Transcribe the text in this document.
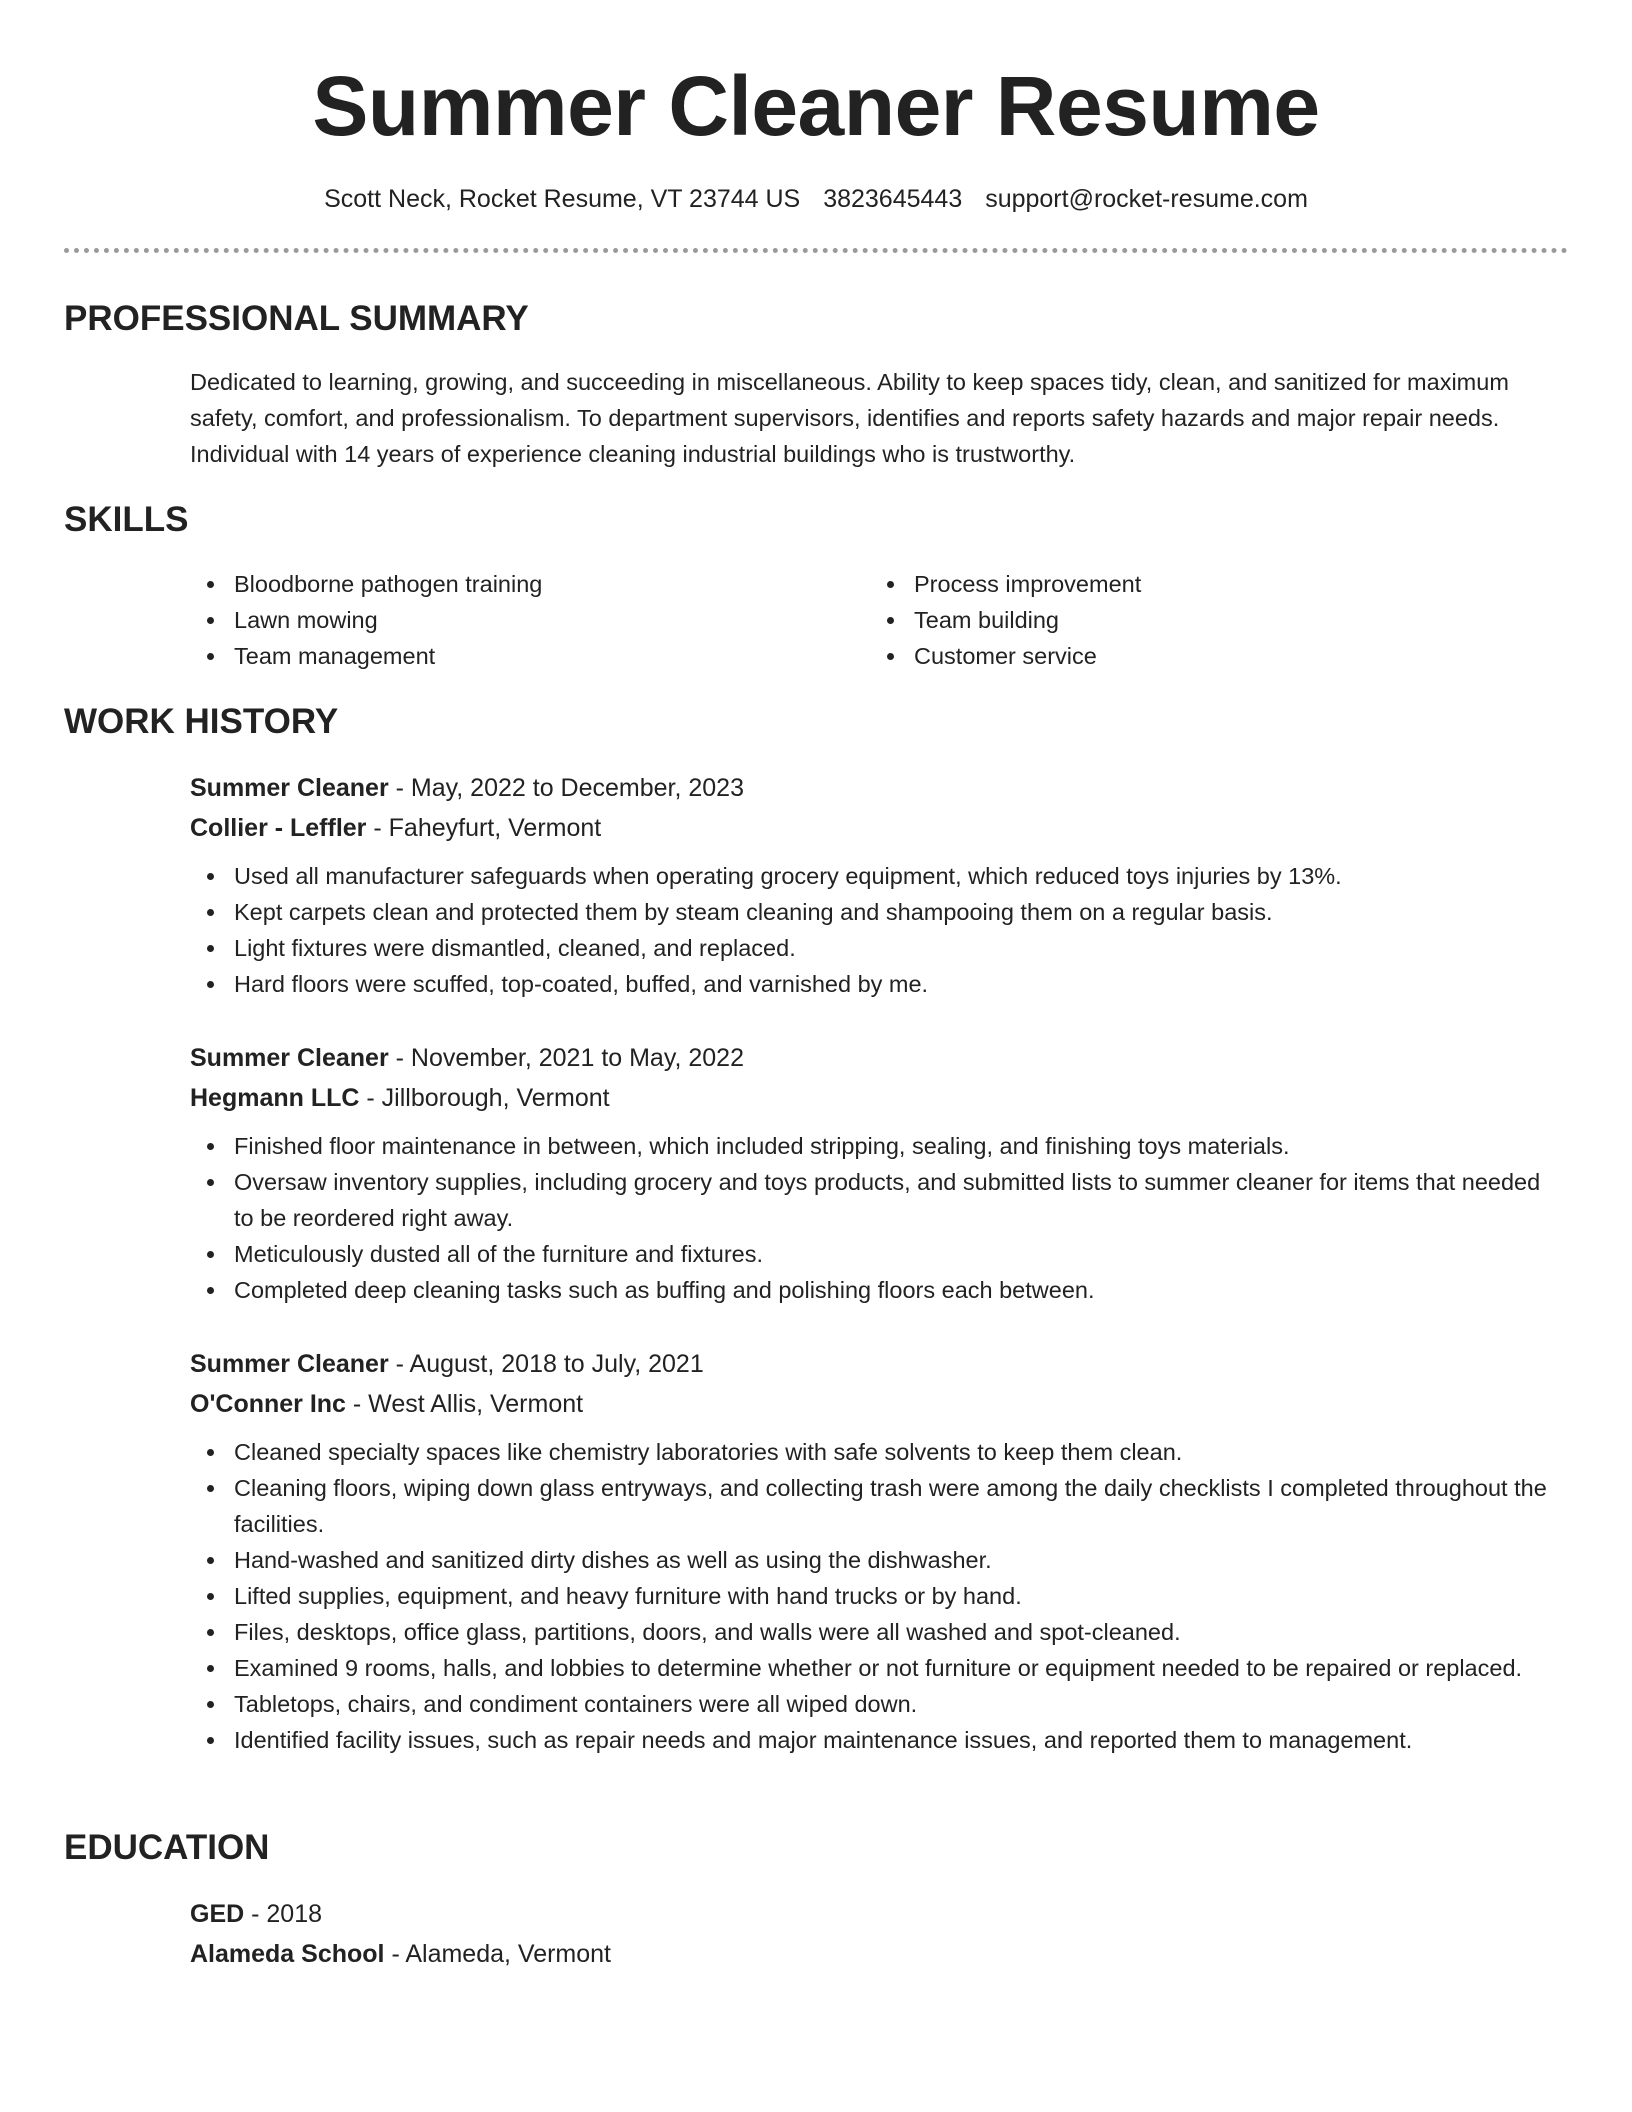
Summer Cleaner Resume
Scott Neck, Rocket Resume, VT 23744 US 3823645443 support@rocket-resume.com
PROFESSIONAL SUMMARY

Dedicated to learning, growing, and succeeding in miscellaneous. Ability to keep spaces tidy, clean, and sanitized for maximum safety, comfort, and professionalism. To department supervisors, identifies and reports safety hazards and major repair needs. Individual with 14 years of experience cleaning industrial buildings who is trustworthy.

SKILLS
Bloodborne pathogen training
Lawn mowing
Team management
Process improvement
Team building
Customer service
WORK HISTORY

Summer Cleaner - May, 2022 to December, 2023

Collier - Leffler - Faheyfurt, Vermont

Used all manufacturer safeguards when operating grocery equipment, which reduced toys injuries by 13%.
Kept carpets clean and protected them by steam cleaning and shampooing them on a regular basis.
Light fixtures were dismantled, cleaned, and replaced.
Hard floors were scuffed, top-coated, buffed, and varnished by me.

Summer Cleaner - November, 2021 to May, 2022

Hegmann LLC - Jillborough, Vermont

Finished floor maintenance in between, which included stripping, sealing, and finishing toys materials.
Oversaw inventory supplies, including grocery and toys products, and submitted lists to summer cleaner for items that needed to be reordered right away.
Meticulously dusted all of the furniture and fixtures.
Completed deep cleaning tasks such as buffing and polishing floors each between.

Summer Cleaner - August, 2018 to July, 2021

O'Conner Inc - West Allis, Vermont

Cleaned specialty spaces like chemistry laboratories with safe solvents to keep them clean.
Cleaning floors, wiping down glass entryways, and collecting trash were among the daily checklists I completed throughout the facilities.
Hand-washed and sanitized dirty dishes as well as using the dishwasher.
Lifted supplies, equipment, and heavy furniture with hand trucks or by hand.
Files, desktops, office glass, partitions, doors, and walls were all washed and spot-cleaned.
Examined 9 rooms, halls, and lobbies to determine whether or not furniture or equipment needed to be repaired or replaced.
Tabletops, chairs, and condiment containers were all wiped down.
Identified facility issues, such as repair needs and major maintenance issues, and reported them to management.
EDUCATION

GED - 2018

Alameda School - Alameda, Vermont
